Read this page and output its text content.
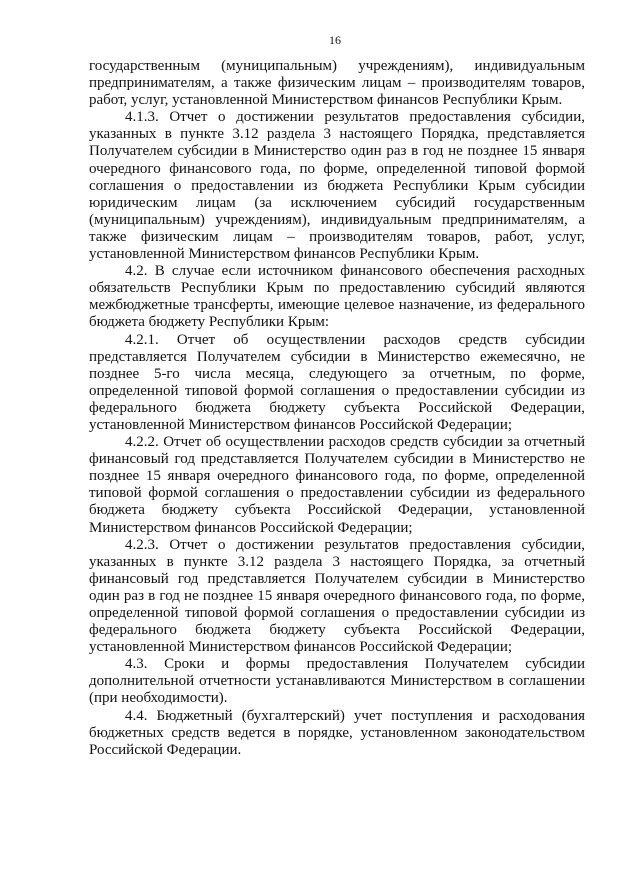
16

государственным (муниципальным) учреждениям), индивидуальным предпринимателям, а также физическим лицам – производителям товаров, работ, услуг, установленной Министерством финансов Республики Крым.

4.1.3. Отчет о достижении результатов предоставления субсидии, указанных в пункте 3.12 раздела 3 настоящего Порядка, представляется Получателем субсидии в Министерство один раз в год не позднее 15 января очередного финансового года, по форме, определенной типовой формой соглашения о предоставлении из бюджета Республики Крым субсидии юридическим лицам (за исключением субсидий государственным (муниципальным) учреждениям), индивидуальным предпринимателям, а также физическим лицам – производителям товаров, работ, услуг, установленной Министерством финансов Республики Крым.

4.2. В случае если источником финансового обеспечения расходных обязательств Республики Крым по предоставлению субсидий являются межбюджетные трансферты, имеющие целевое назначение, из федерального бюджета бюджету Республики Крым:

4.2.1. Отчет об осуществлении расходов средств субсидии представляется Получателем субсидии в Министерство ежемесячно, не позднее 5-го числа месяца, следующего за отчетным, по форме, определенной типовой формой соглашения о предоставлении субсидии из федерального бюджета бюджету субъекта Российской Федерации, установленной Министерством финансов Российской Федерации;

4.2.2. Отчет об осуществлении расходов средств субсидии за отчетный финансовый год представляется Получателем субсидии в Министерство не позднее 15 января очередного финансового года, по форме, определенной типовой формой соглашения о предоставлении субсидии из федерального бюджета бюджету субъекта Российской Федерации, установленной Министерством финансов Российской Федерации;

4.2.3. Отчет о достижении результатов предоставления субсидии, указанных в пункте 3.12 раздела 3 настоящего Порядка, за отчетный финансовый год представляется Получателем субсидии в Министерство один раз в год не позднее 15 января очередного финансового года, по форме, определенной типовой формой соглашения о предоставлении субсидии из федерального бюджета бюджету субъекта Российской Федерации, установленной Министерством финансов Российской Федерации;

4.3. Сроки и формы предоставления Получателем субсидии дополнительной отчетности устанавливаются Министерством в соглашении (при необходимости).

4.4. Бюджетный (бухгалтерский) учет поступления и расходования бюджетных средств ведется в порядке, установленном законодательством Российской Федерации.
